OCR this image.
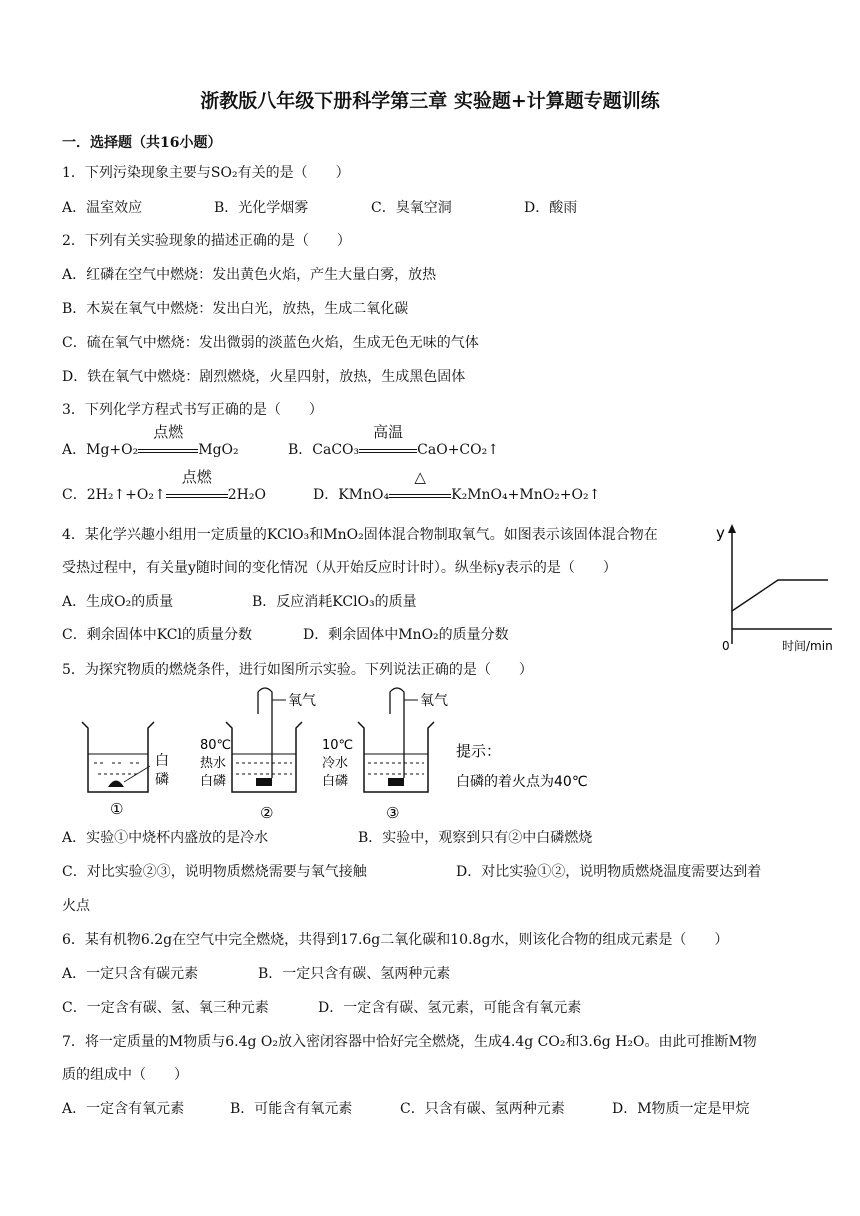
浙教版八年级下册科学第三章 实验题+计算题专题训练
一．选择题（共16小题）
1．下列污染现象主要与SO₂有关的是（　　）
A．温室效应	B．光化学烟雾	C．臭氧空洞	D．酸雨
2．下列有关实验现象的描述正确的是（　　）
A．红磷在空气中燃烧：发出黄色火焰，产生大量白雾，放热
B．木炭在氧气中燃烧：发出白光，放热，生成二氧化碳
C．硫在氧气中燃烧：发出微弱的淡蓝色火焰，生成无色无味的气体
D．铁在氧气中燃烧：剧烈燃烧，火星四射，放热，生成黑色固体
3．下列化学方程式书写正确的是（　　）
A．Mg+O₂
点燃
MgO₂	B．CaCO₃
高温
CaO+CO₂↑
C．2H₂↑+O₂↑
点燃
2H₂O	D．KMnO₄
△
K₂MnO₄+MnO₂+O₂↑
4．某化学兴趣小组用一定质量的KClO₃和MnO₂固体混合物制取氧气。如图表示该固体混合物在
受热过程中，有关量y随时间的变化情况（从开始反应时计时）。纵坐标y表示的是（　　）
A．生成O₂的质量	B．反应消耗KClO₃的质量
C．剩余固体中KCl的质量分数	D．剩余固体中MnO₂的质量分数
y
0	时间/min
5．为探究物质的燃烧条件，进行如图所示实验。下列说法正确的是（　　）
白
磷
①
氧气
80℃
热水
白磷
②
氧气
10℃
冷水
白磷
③
提示：
白磷的着火点为40℃
A．实验①中烧杯内盛放的是冷水	B．实验中，观察到只有②中白磷燃烧
C．对比实验②③，说明物质燃烧需要与氧气接触	D．对比实验①②，说明物质燃烧温度需要达到着
火点
6．某有机物6.2g在空气中完全燃烧，共得到17.6g二氧化碳和10.8g水，则该化合物的组成元素是（　　）
A．一定只含有碳元素	B．一定只含有碳、氢两种元素
C．一定含有碳、氢、氧三种元素	D．一定含有碳、氢元素，可能含有氧元素
7．将一定质量的M物质与6.4g O₂放入密闭容器中恰好完全燃烧，生成4.4g CO₂和3.6g H₂O。由此可推断M物
质的组成中（　　）
A．一定含有氧元素	B．可能含有氧元素	C．只含有碳、氢两种元素	D．M物质一定是甲烷
